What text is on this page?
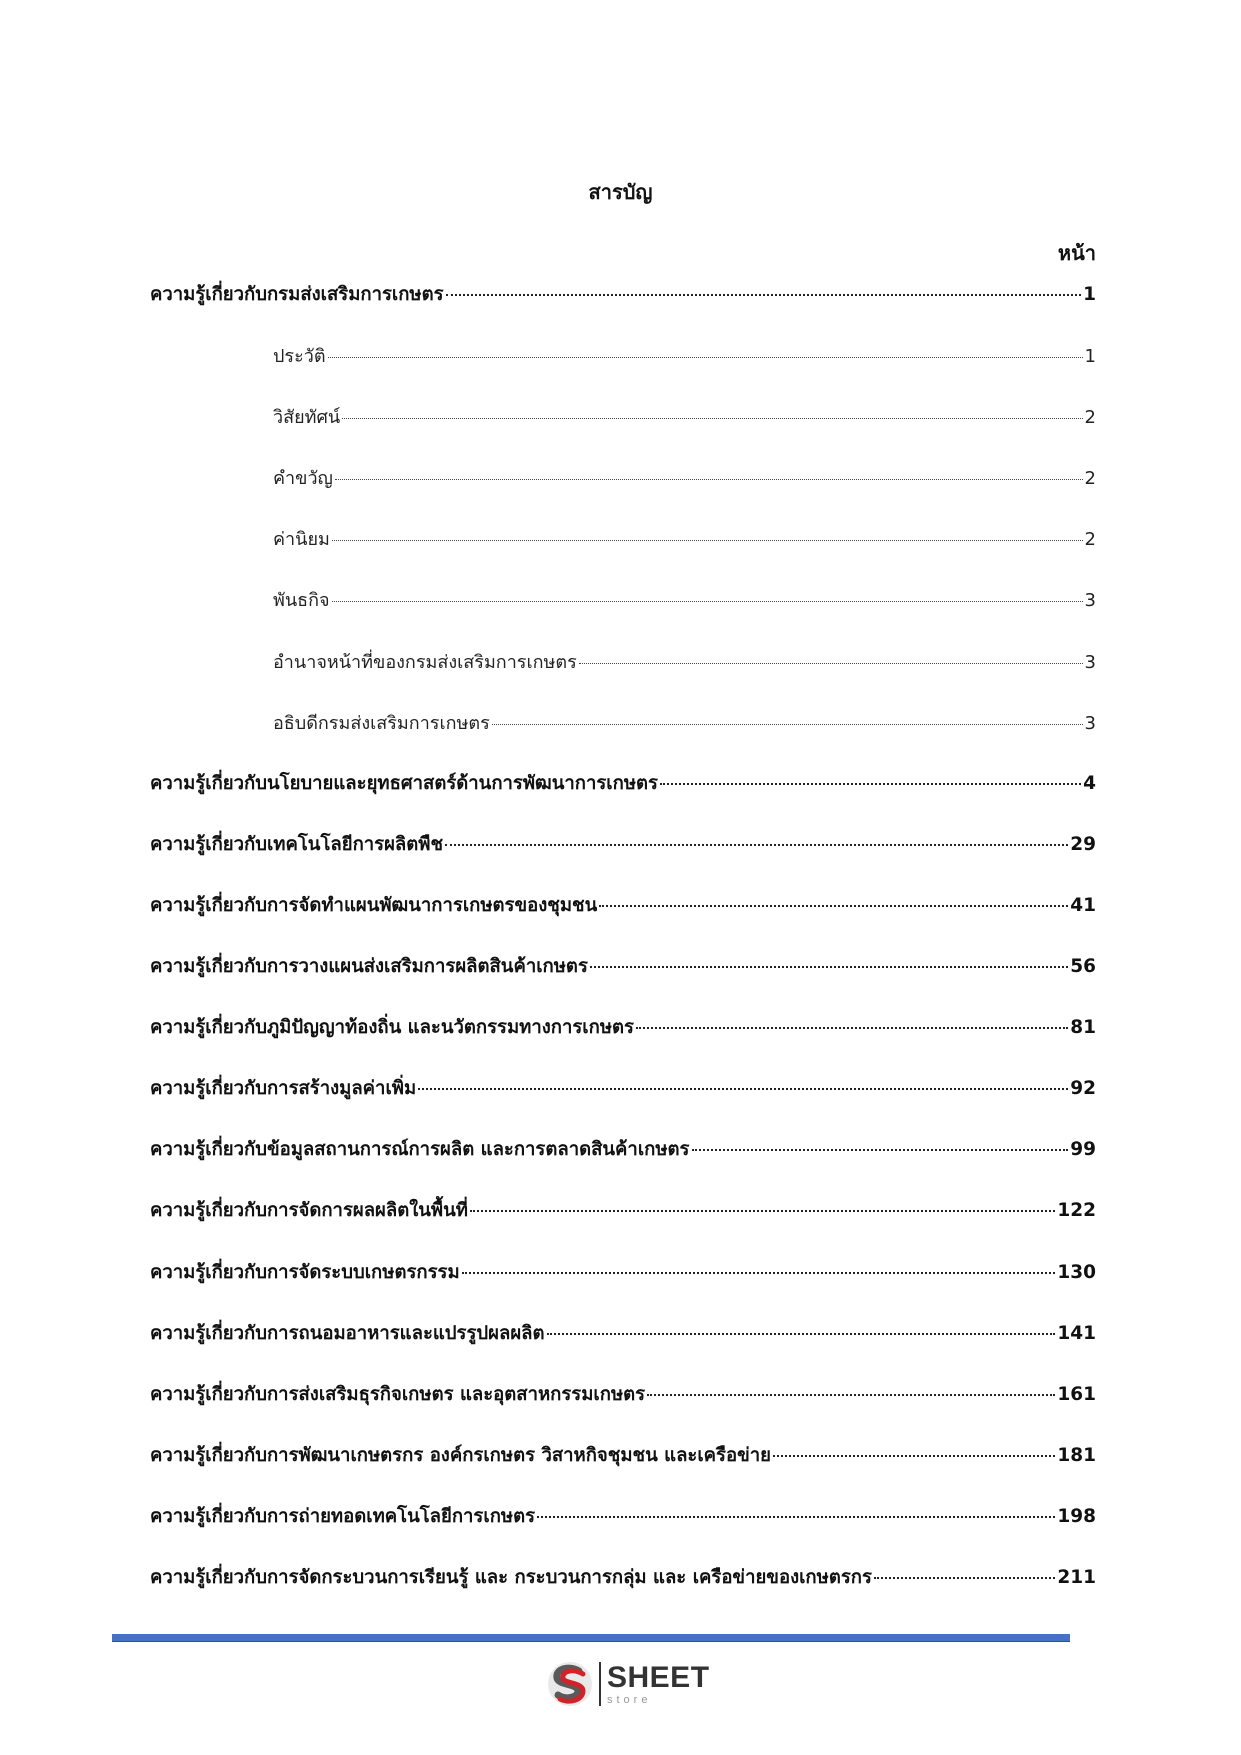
สารบัญ
หน้า
ความรู้เกี่ยวกับกรมส่งเสริมการเกษตร	1
ประวัติ	1
วิสัยทัศน์	2
คำขวัญ	2
ค่านิยม	2
พันธกิจ	3
อำนาจหน้าที่ของกรมส่งเสริมการเกษตร	3
อธิบดีกรมส่งเสริมการเกษตร	3
ความรู้เกี่ยวกับนโยบายและยุทธศาสตร์ด้านการพัฒนาการเกษตร	4
ความรู้เกี่ยวกับเทคโนโลยีการผลิตพืช	29
ความรู้เกี่ยวกับการจัดทำแผนพัฒนาการเกษตรของชุมชน	41
ความรู้เกี่ยวกับการวางแผนส่งเสริมการผลิตสินค้าเกษตร	56
ความรู้เกี่ยวกับภูมิปัญญาท้องถิ่น และนวัตกรรมทางการเกษตร	81
ความรู้เกี่ยวกับการสร้างมูลค่าเพิ่ม	92
ความรู้เกี่ยวกับข้อมูลสถานการณ์การผลิต และการตลาดสินค้าเกษตร	99
ความรู้เกี่ยวกับการจัดการผลผลิตในพื้นที่	122
ความรู้เกี่ยวกับการจัดระบบเกษตรกรรม	130
ความรู้เกี่ยวกับการถนอมอาหารและแปรรูปผลผลิต	141
ความรู้เกี่ยวกับการส่งเสริมธุรกิจเกษตร และอุตสาหกรรมเกษตร	161
ความรู้เกี่ยวกับการพัฒนาเกษตรกร องค์กรเกษตร วิสาหกิจชุมชน และเครือข่าย	181
ความรู้เกี่ยวกับการถ่ายทอดเทคโนโลยีการเกษตร	198
ความรู้เกี่ยวกับการจัดกระบวนการเรียนรู้ และ กระบวนการกลุ่ม และ เครือข่ายของเกษตรกร	211
SHEET
store
